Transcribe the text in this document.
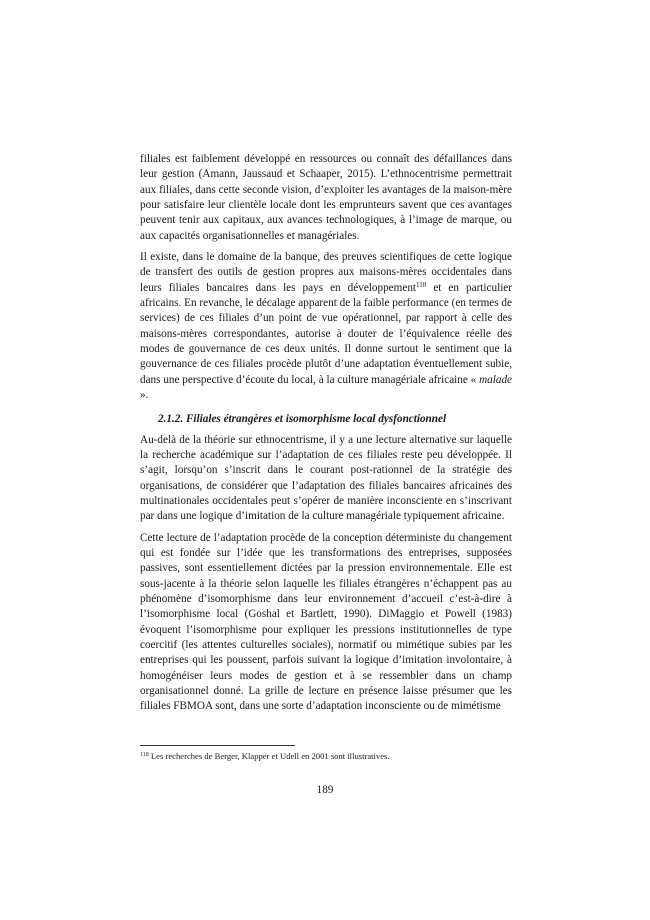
filiales est faiblement développé en ressources ou connaît des défaillances dans leur gestion (Amann, Jaussaud et Schaaper, 2015). L’ethnocentrisme permettrait aux filiales, dans cette seconde vision, d’exploiter les avantages de la maison-mère pour satisfaire leur clientèle locale dont les emprunteurs savent que ces avantages peuvent tenir aux capitaux, aux avances technologiques, à l’image de marque, ou aux capacités organisationnelles et managériales.

Il existe, dans le domaine de la banque, des preuves scientifiques de cette logique de transfert des outils de gestion propres aux maisons-mères occidentales dans leurs filiales bancaires dans les pays en développement$^{118}$ et en particulier africains. En revanche, le décalage apparent de la faible performance (en termes de services) de ces filiales d’un point de vue opérationnel, par rapport à celle des maisons-mères correspondantes, autorise à douter de l’équivalence réelle des modes de gouvernance de ces deux unités. Il donne surtout le sentiment que la gouvernance de ces filiales procède plutôt d’une adaptation éventuellement subie, dans une perspective d’écoute du local, à la culture managériale africaine « malade ».

2.1.2. Filiales étrangères et isomorphisme local dysfonctionnel

Au-delà de la théorie sur ethnocentrisme, il y a une lecture alternative sur laquelle la recherche académique sur l’adaptation de ces filiales reste peu développée. Il s’agit, lorsqu’on s’inscrit dans le courant post-rationnel de la stratégie des organisations, de considérer que l’adaptation des filiales bancaires africaines des multinationales occidentales peut s’opérer de manière inconsciente en s’inscrivant par dans une logique d’imitation de la culture managériale typiquement africaine.

Cette lecture de l’adaptation procède de la conception déterministe du changement qui est fondée sur l’idée que les transformations des entreprises, supposées passives, sont essentiellement dictées par la pression environnementale. Elle est sous-jacente à la théorie selon laquelle les filiales étrangères n’échappent pas au phénomène d’isomorphisme dans leur environnement d’accueil c’est-à-dire à l’isomorphisme local (Goshal et Bartlett, 1990). DiMaggio et Powell (1983) évoquent l’isomorphisme pour expliquer les pressions institutionnelles de type coercitif (les attentes culturelles sociales), normatif ou mimétique subies par les entreprises qui les poussent, parfois suivant la logique d’imitation involontaire, à homogénéiser leurs modes de gestion et à se ressembler dans un champ organisationnel donné. La grille de lecture en présence laisse présumer que les filiales FBMOA sont, dans une sorte d’adaptation inconsciente ou de mimétisme

$^{118}$ Les recherches de Berger, Klapper et Udell en 2001 sont illustratives.
189
